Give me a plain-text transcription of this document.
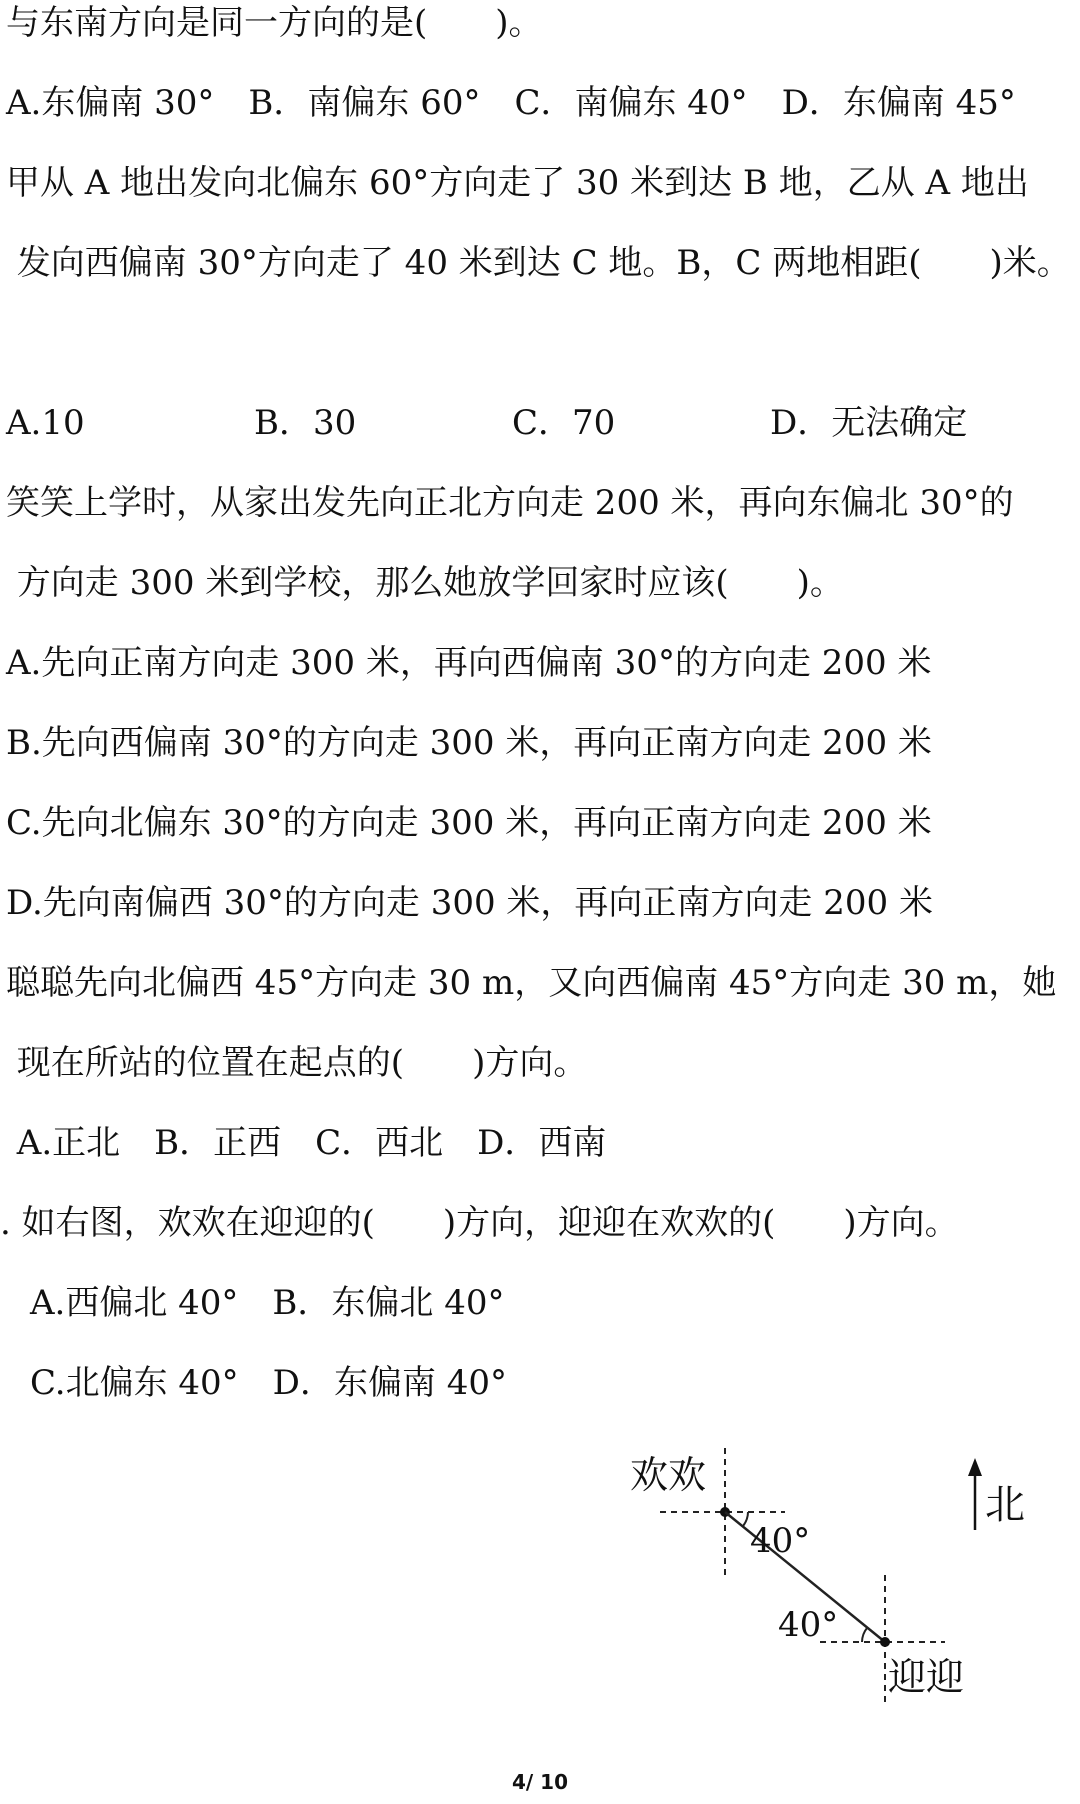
与东南方向是同一方向的是(　　)。
A.东偏南 30°　B．南偏东 60°　C．南偏东 40°　D．东偏南 45°
甲从 A 地出发向北偏东 60°方向走了 30 米到达 B 地，乙从 A 地出
发向西偏南 30°方向走了 40 米到达 C 地。B，C 两地相距(　　)米。
A.10	B．30	C．70	D．无法确定
笑笑上学时，从家出发先向正北方向走 200 米，再向东偏北 30°的
方向走 300 米到学校，那么她放学回家时应该(　　)。
A.先向正南方向走 300 米，再向西偏南 30°的方向走 200 米
B.先向西偏南 30°的方向走 300 米，再向正南方向走 200 米
C.先向北偏东 30°的方向走 300 米，再向正南方向走 200 米
D.先向南偏西 30°的方向走 300 米，再向正南方向走 200 米
聪聪先向北偏西 45°方向走 30 m，又向西偏南 45°方向走 30 m，她
现在所站的位置在起点的(　　)方向。
A.正北　B．正西　C．西北　D．西南
. 如右图，欢欢在迎迎的(　　)方向，迎迎在欢欢的(　　)方向。
A.西偏北 40°　B．东偏北 40°
C.北偏东 40°　D．东偏南 40°
欢欢
40°
40°
迎迎
北
4/ 10
